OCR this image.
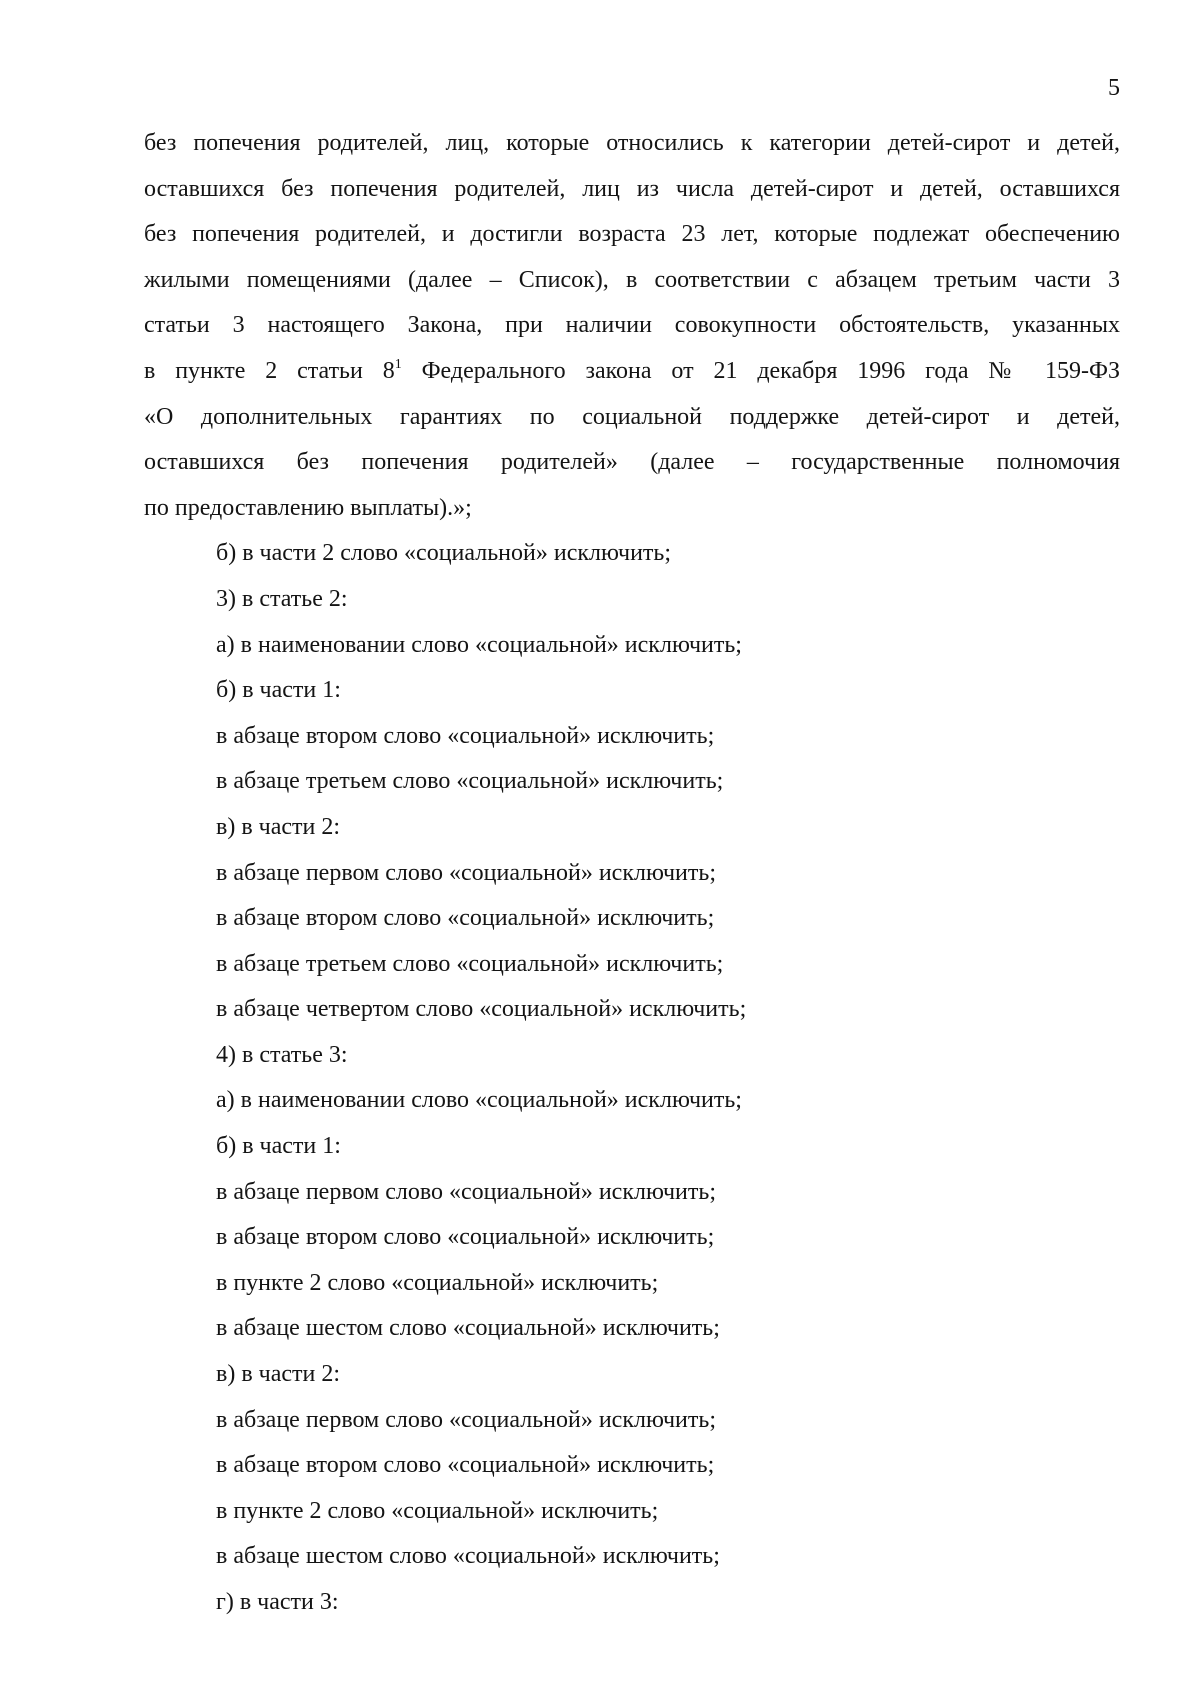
5

без попечения родителей, лиц, которые относились к категории детей-сирот и детей,
оставшихся без попечения родителей, лиц из числа детей-сирот и детей, оставшихся
без попечения родителей, и достигли возраста 23 лет, которые подлежат обеспечению
жилыми помещениями (далее – Список), в соответствии с абзацем третьим части 3
статьи 3 настоящего Закона, при наличии совокупности обстоятельств, указанных
в пункте 2 статьи $8^1$ Федерального закона от 21 декабря 1996 года № 159-ФЗ
«О дополнительных гарантиях по социальной поддержке детей-сирот и детей,
оставшихся без попечения родителей» (далее – государственные полномочия
по предоставлению выплаты).»;

б) в части 2 слово «социальной» исключить;
3) в статье 2:
а) в наименовании слово «социальной» исключить;
б) в части 1:
в абзаце втором слово «социальной» исключить;
в абзаце третьем слово «социальной» исключить;
в) в части 2:
в абзаце первом слово «социальной» исключить;
в абзаце втором слово «социальной» исключить;
в абзаце третьем слово «социальной» исключить;
в абзаце четвертом слово «социальной» исключить;
4) в статье 3:
а) в наименовании слово «социальной» исключить;
б) в части 1:
в абзаце первом слово «социальной» исключить;
в абзаце втором слово «социальной» исключить;
в пункте 2 слово «социальной» исключить;
в абзаце шестом слово «социальной» исключить;
в) в части 2:
в абзаце первом слово «социальной» исключить;
в абзаце втором слово «социальной» исключить;
в пункте 2 слово «социальной» исключить;
в абзаце шестом слово «социальной» исключить;
г) в части 3:
